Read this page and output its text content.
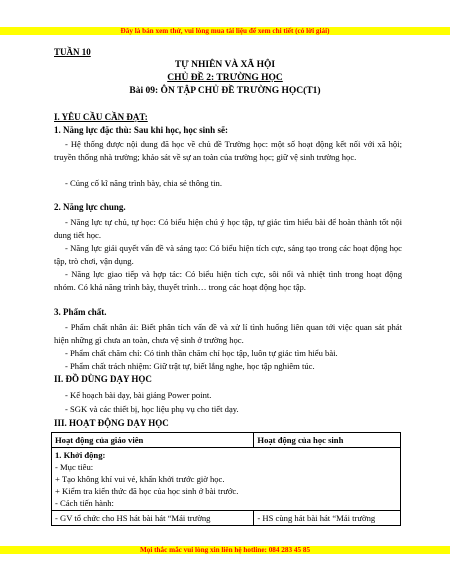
Đây là bản xem thử, vui lòng mua tài liệu để xem chi tiết (có lời giải)
TUẦN 10
TỰ NHIÊN VÀ XÃ HỘI
CHỦ ĐỀ 2: TRƯỜNG HỌC
Bài 09: ÔN TẬP CHỦ ĐỀ TRƯỜNG HỌC(T1)
I. YÊU CẦU CẦN ĐẠT:
1. Năng lực đặc thù: Sau khi học, học sinh sẽ:
- Hệ thống được nội dung đã học về chủ đề Trường học: một số hoạt động kết nối với xã hội; truyền thống nhà trường; khảo sát về sự an toàn của trường học; giữ vệ sinh trường học.
- Củng cố kĩ năng trình bày, chia sẻ thông tin.
2. Năng lực chung.
- Năng lực tự chủ, tự học: Có biểu hiện chú ý học tập, tự giác tìm hiểu bài để hoàn thành tốt nội dung tiết học.
- Năng lực giải quyết vấn đề và sáng tạo: Có biểu hiện tích cực, sáng tạo trong các hoạt động học tập, trò chơi, vận dụng.
- Năng lực giao tiếp và hợp tác: Có biểu hiện tích cực, sôi nổi và nhiệt tình trong hoạt động nhóm. Có khả năng trình bày, thuyết trình… trong các hoạt động học tập.
3. Phẩm chất.
- Phẩm chất nhân ái: Biết phân tích vấn đề và xử lí tình huống liên quan tới việc quan sát phát hiện những gì chưa an toàn, chưa vệ sinh ở trường học.
- Phẩm chất chăm chỉ: Có tinh thần chăm chỉ học tập, luôn tự giác tìm hiểu bài.
- Phẩm chất trách nhiệm: Giữ trật tự, biết lắng nghe, học tập nghiêm túc.
II. ĐỒ DÙNG DẠY HỌC
- Kế hoạch bài dạy, bài giảng Power point.
- SGK và các thiết bị, học liệu phụ vụ cho tiết dạy.
III. HOẠT ĐỘNG DẠY HỌC
Hoạt động của giáo viên	Hoạt động của học sinh

1. Khởi động:
- Mục tiêu:
+ Tạo không khí vui vẻ, khấn khởi trước giờ học.
+ Kiểm tra kiến thức đã học của học sinh ở bài trước.
- Cách tiến hành:	

- GV tổ chức cho HS hát bài hát “Mái trường	- HS cùng hát bài hát “Mái trường
Mọi thắc mắc vui lòng xin liên hệ hotline: 084 283 45 85
